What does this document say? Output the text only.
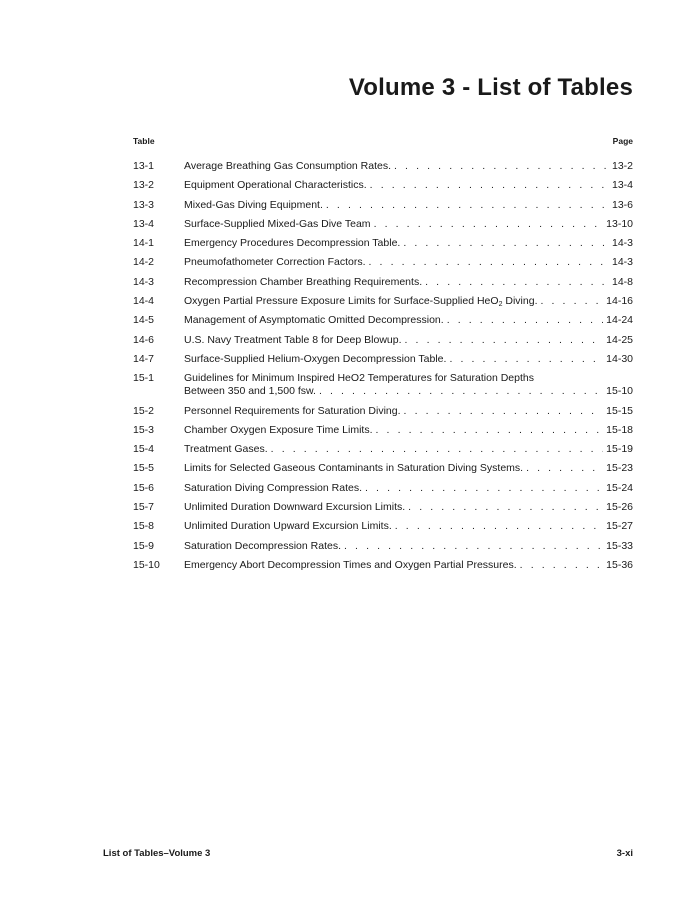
Volume 3 - List of Tables
Table	Page
13-1	Average Breathing Gas Consumption Rates. . . .	13-2
13-2	Equipment Operational Characteristics. . . .	13-4
13-3	Mixed-Gas Diving Equipment. . . .	13-6
13-4	Surface-Supplied Mixed-Gas Dive Team . . .	13-10
14-1	Emergency Procedures Decompression Table. . . .	14-3
14-2	Pneumofathometer Correction Factors. . . .	14-3
14-3	Recompression Chamber Breathing Requirements. . . .	14-8
14-4	Oxygen Partial Pressure Exposure Limits for Surface-Supplied HeO$_2$ Diving. . . .	14-16
14-5	Management of Asymptomatic Omitted Decompression. . . .	14-24
14-6	U.S. Navy Treatment Table 8 for Deep Blowup. . . .	14-25
14-7	Surface-Supplied Helium-Oxygen Decompression Table. . . .	14-30
15-1	Guidelines for Minimum Inspired HeO2 Temperatures for Saturation Depths
Between 350 and 1,500 fsw. . . .	15-10
15-2	Personnel Requirements for Saturation Diving. . . .	15-15
15-3	Chamber Oxygen Exposure Time Limits. . . .	15-18
15-4	Treatment Gases. . . .	15-19
15-5	Limits for Selected Gaseous Contaminants in Saturation Diving Systems. . . .	15-23
15-6	Saturation Diving Compression Rates. . . .	15-24
15-7	Unlimited Duration Downward Excursion Limits. . . .	15-26
15-8	Unlimited Duration Upward Excursion Limits. . . .	15-27
15-9	Saturation Decompression Rates. . . .	15-33
15-10	Emergency Abort Decompression Times and Oxygen Partial Pressures. . . .	15-36
List of Tables–Volume 3	3-xi
